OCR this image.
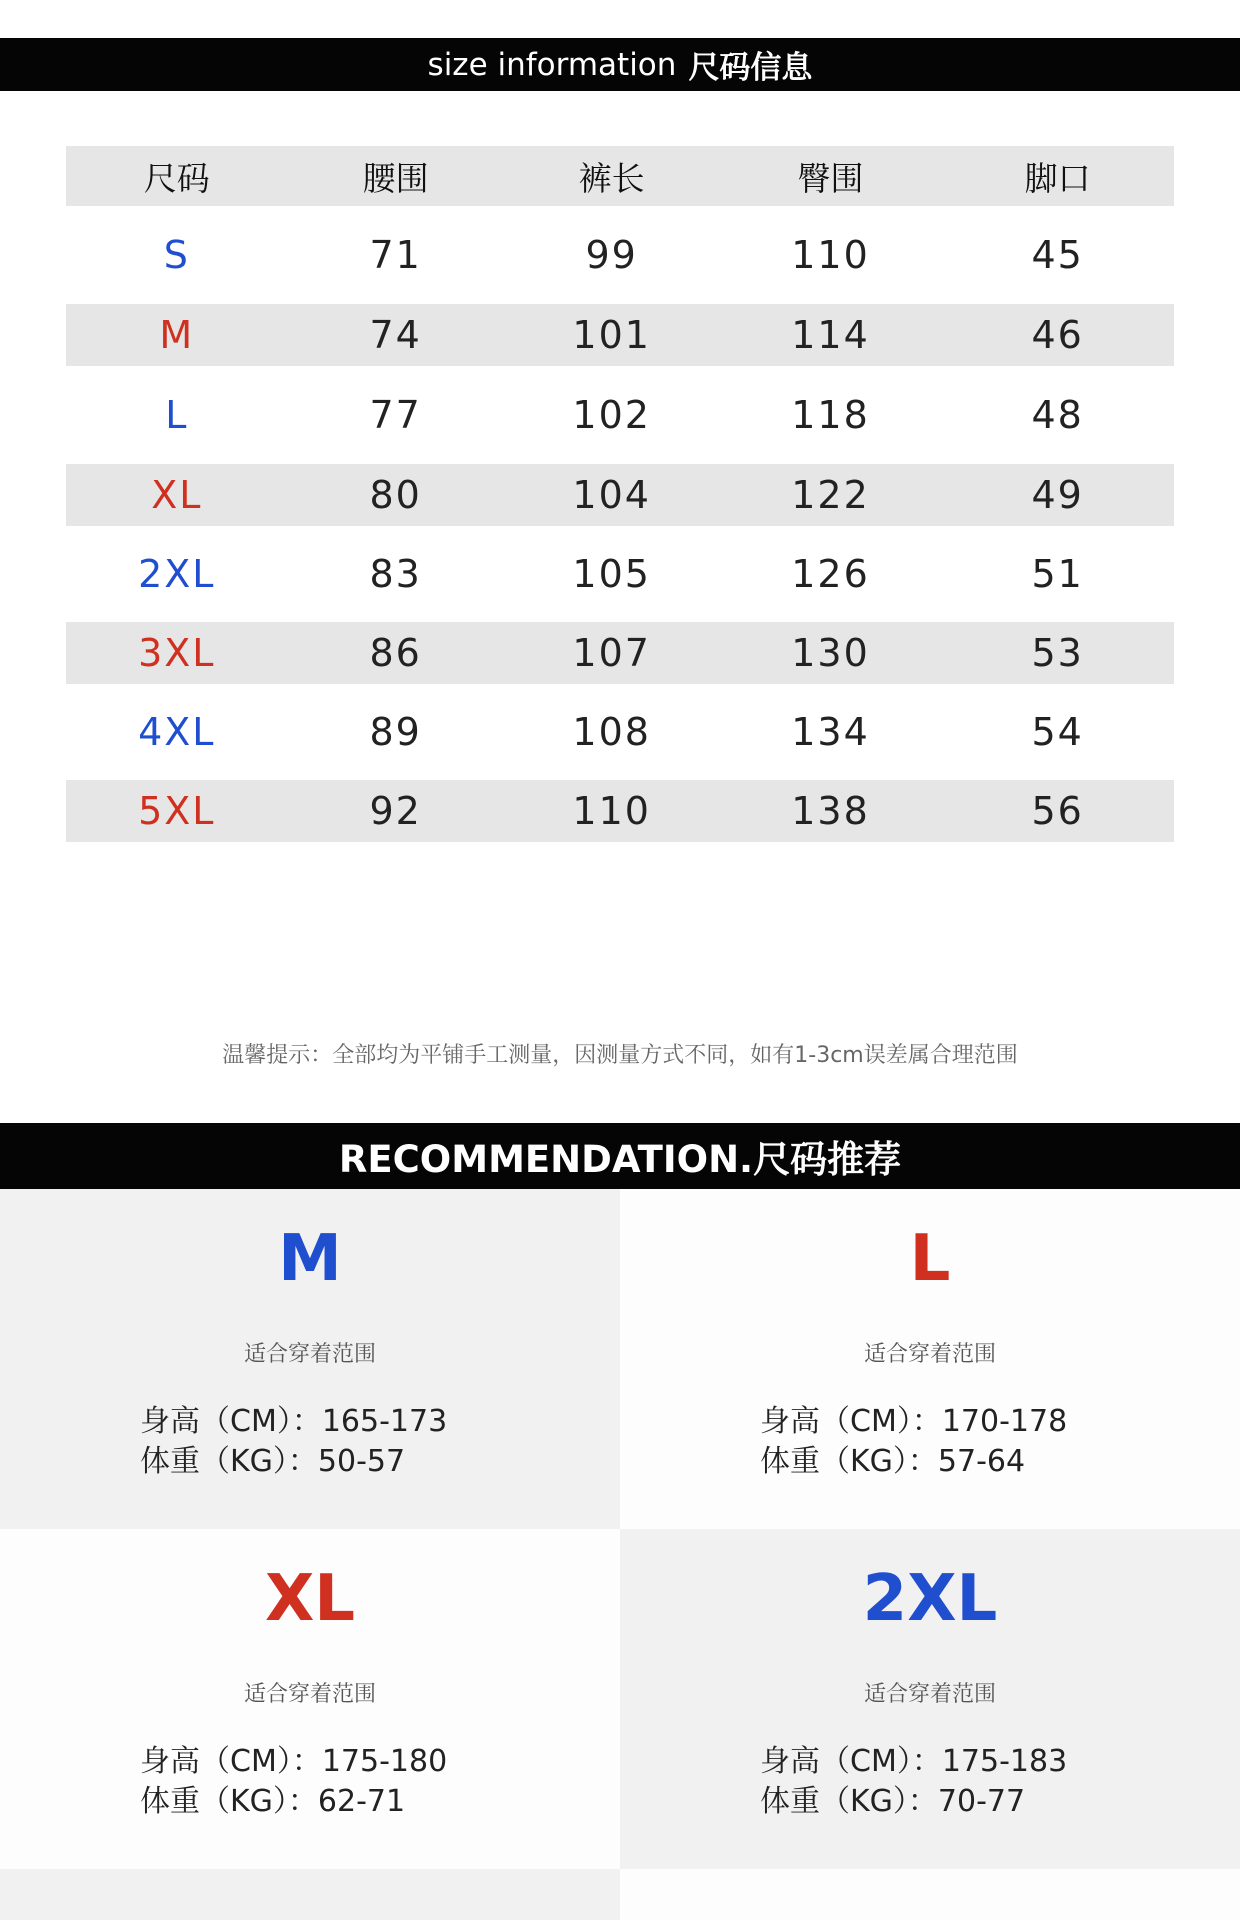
size information 尺码信息
尺码	腰围	裤长	臀围	脚口
S	71	99	110	45
M	74	101	114	46
L	77	102	118	48
XL	80	104	122	49
2XL	83	105	126	51
3XL	86	107	130	53
4XL	89	108	134	54
5XL	92	110	138	56
温馨提示：全部均为平铺手工测量，因测量方式不同，如有1-3cm误差属合理范围
RECOMMENDATION.尺码推荐
M
适合穿着范围
身高（CM）：165-173
体重（KG）：50-57
L
适合穿着范围
身高（CM）：170-178
体重（KG）：57-64
XL
适合穿着范围
身高（CM）：175-180
体重（KG）：62-71
2XL
适合穿着范围
身高（CM）：175-183
体重（KG）：70-77
